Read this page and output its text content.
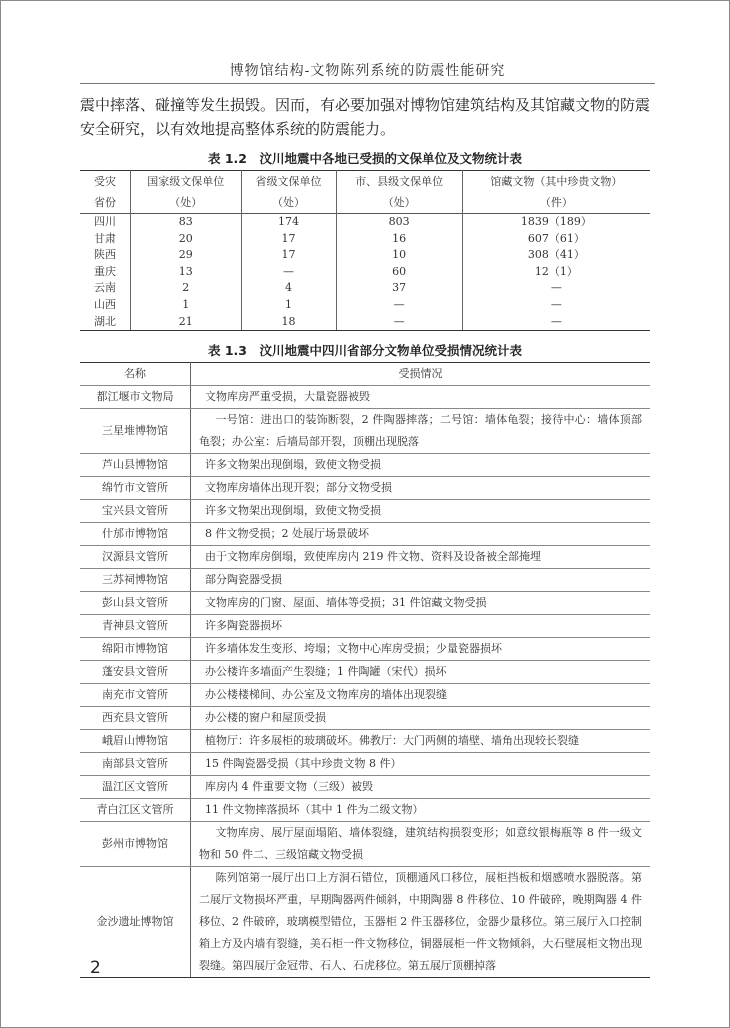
博物馆结构-文物陈列系统的防震性能研究
震中摔落、碰撞等发生损毁。因而，有必要加强对博物馆建筑结构及其馆藏文物的防震安全研究，以有效地提高整体系统的防震能力。
表 1.2　汶川地震中各地已受损的文保单位及文物统计表
受灾	国家级文保单位	省级文保单位	市、县级文保单位	馆藏文物（其中珍贵文物）
省份	（处）	（处）	（处）	（件）
四川	83	174	803	1839（189）
甘肃	20	17	16	607（61）
陕西	29	17	10	308（41）
重庆	13	—	60	12（1）
云南	2	4	37	—
山西	1	1	—	—
湖北	21	18	—	—
表 1.3　汶川地震中四川省部分文物单位受损情况统计表
名称	受损情况
都江堰市文物局	文物库房严重受损，大量瓷器被毁
三星堆博物馆	一号馆：进出口的装饰断裂，2 件陶器摔落；二号馆：墙体龟裂；接待中心：墙体顶部龟裂；办公室：后墙局部开裂，顶棚出现脱落
芦山县博物馆	许多文物架出现倒塌，致使文物受损
绵竹市文管所	文物库房墙体出现开裂；部分文物受损
宝兴县文管所	许多文物架出现倒塌，致使文物受损
什邡市博物馆	8 件文物受损；2 处展厅场景破坏
汉源县文管所	由于文物库房倒塌，致使库房内 219 件文物、资料及设备被全部掩埋
三苏祠博物馆	部分陶瓷器受损
彭山县文管所	文物库房的门窗、屋面、墙体等受损；31 件馆藏文物受损
青神县文管所	许多陶瓷器损坏
绵阳市博物馆	许多墙体发生变形、垮塌；文物中心库房受损；少量瓷器损坏
蓬安县文管所	办公楼许多墙面产生裂缝；1 件陶罐（宋代）损坏
南充市文管所	办公楼楼梯间、办公室及文物库房的墙体出现裂缝
西充县文管所	办公楼的窗户和屋顶受损
峨眉山博物馆	植物厅：许多展柜的玻璃破坏。佛教厅：大门两侧的墙壁、墙角出现较长裂缝
南部县文管所	15 件陶瓷器受损（其中珍贵文物 8 件）
温江区文管所	库房内 4 件重要文物（三级）被毁
青白江区文管所	11 件文物摔落损坏（其中 1 件为二级文物）
彭州市博物馆	文物库房、展厅屋面塌陷、墙体裂缝，建筑结构损裂变形；如意纹银梅瓶等 8 件一级文物和 50 件二、三级馆藏文物受损
金沙遗址博物馆	陈列馆第一展厅出口上方洞石错位，顶棚通风口移位，展柜挡板和烟感喷水器脱落。第二展厅文物损坏严重，早期陶器两件倾斜，中期陶器 8 件移位、10 件破碎，晚期陶器 4 件移位、2 件破碎，玻璃模型错位，玉器柜 2 件玉器移位，金器少量移位。第三展厅入口控制箱上方及内墙有裂缝，美石柜一件文物移位，铜器展柜一件文物倾斜，大石壁展柜文物出现裂缝。第四展厅金冠带、石人、石虎移位。第五展厅顶棚掉落
2
